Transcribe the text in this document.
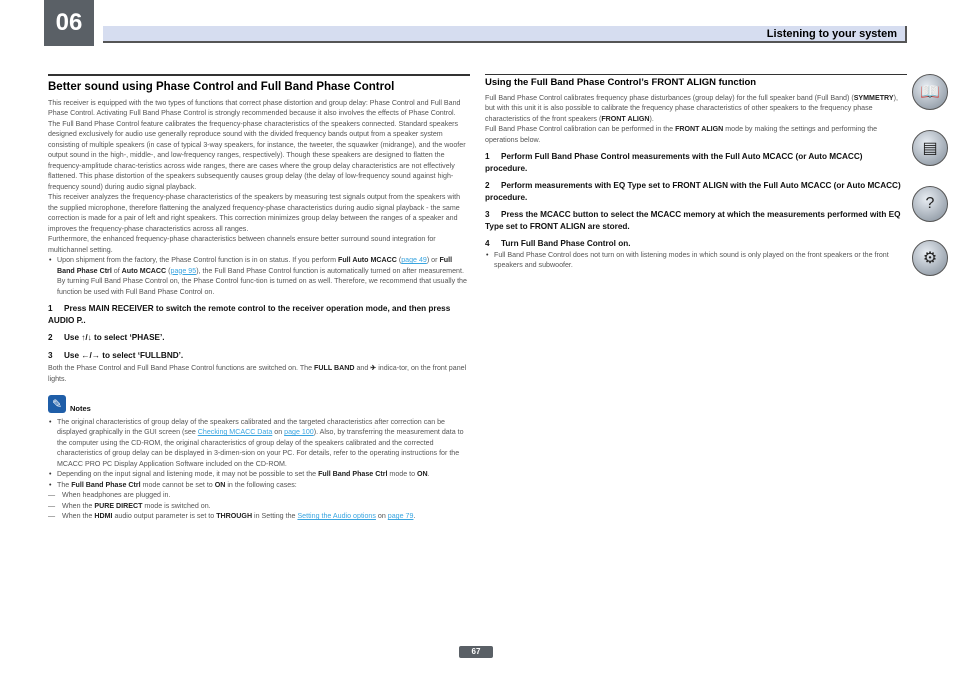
06	Listening to your system
Better sound using Phase Control and Full Band Phase Control

This receiver is equipped with the two types of functions that correct phase distortion and group delay: Phase Control and Full Band Phase Control. Activating Full Band Phase Control is strongly recommended because it also involves the effects of Phase Control.

The Full Band Phase Control feature calibrates the frequency-phase characteristics of the speakers connected. Standard speakers designed exclusively for audio use generally reproduce sound with the divided frequency bands output from a speaker system consisting of multiple speakers (in case of typical 3-way speakers, for instance, the tweeter, the squawker (midrange), and the woofer output sound in the high-, middle-, and low-frequency ranges, respectively). Though these speakers are designed to flatten the frequency-amplitude charac-teristics across wide ranges, there are cases where the group delay characteristics are not effectively flattened. This phase distortion of the speakers subsequently causes group delay (the delay of low-frequency sound against high-frequency sound) during audio signal playback.

This receiver analyzes the frequency-phase characteristics of the speakers by measuring test signals output from the speakers with the supplied microphone, therefore flattening the analyzed frequency-phase characteristics during audio signal playback - the same correction is made for a pair of left and right speakers. This correction minimizes group delay between the ranges of a speaker and improves the frequency-phase characteristics across all ranges.

Furthermore, the enhanced frequency-phase characteristics between channels ensure better surround sound integration for multichannel setting.

• Upon shipment from the factory, the Phase Control function is in on status. If you perform Full Auto MCACC (page 49) or Full Band Phase Ctrl of Auto MCACC (page 95), the Full Band Phase Control function is automatically turned on after measurement. By turning Full Band Phase Control on, the Phase Control func-tion is turned on as well. Therefore, we recommend that usually the function be used with Full Band Phase Control on.

1 Press MAIN RECEIVER to switch the remote control to the receiver operation mode, and then press AUDIO P..
2 Use ↑/↓ to select ‘PHASE’.
3 Use ←/→ to select ‘FULLBND’.

Both the Phase Control and Full Band Phase Control functions are switched on. The FULL BAND and ✈ indica-tor, on the front panel lights.

✎	Notes

• The original characteristics of group delay of the speakers calibrated and the targeted characteristics after correction can be displayed graphically in the GUI screen (see Checking MCACC Data on page 100). Also, by transferring the measurement data to the computer using the CD-ROM, the original characteristics of group delay of the speakers calibrated and the corrected characteristics of group delay can be displayed in 3-dimen-sion on your PC. For details, refer to the operating instructions for the MCACC PRO PC Display Application Software included on the CD-ROM.

• Depending on the input signal and listening mode, it may not be possible to set the Full Band Phase Ctrl mode to ON.

• The Full Band Phase Ctrl mode cannot be set to ON in the following cases:

— When headphones are plugged in.

— When the PURE DIRECT mode is switched on.

— When the HDMI audio output parameter is set to THROUGH in Setting the Setting the Audio options on page 79.

Using the Full Band Phase Control’s FRONT ALIGN function

Full Band Phase Control calibrates frequency phase disturbances (group delay) for the full speaker band (Full Band) (SYMMETRY), but with this unit it is also possible to calibrate the frequency phase characteristics of other speakers to the frequency phase characteristics of the front speakers (FRONT ALIGN).

Full Band Phase Control calibration can be performed in the FRONT ALIGN mode by making the settings and performing the operations below.

1 Perform Full Band Phase Control measurements with the Full Auto MCACC (or Auto MCACC) procedure.
2 Perform measurements with EQ Type set to FRONT ALIGN with the Full Auto MCACC (or Auto MCACC) procedure.
3 Press the MCACC button to select the MCACC memory at which the measurements performed with EQ Type set to FRONT ALIGN are stored.
4 Turn Full Band Phase Control on.

• Full Band Phase Control does not turn on with listening modes in which sound is only played on the front speakers or the front speakers and subwoofer.

📖
▤
?
⚙
67
